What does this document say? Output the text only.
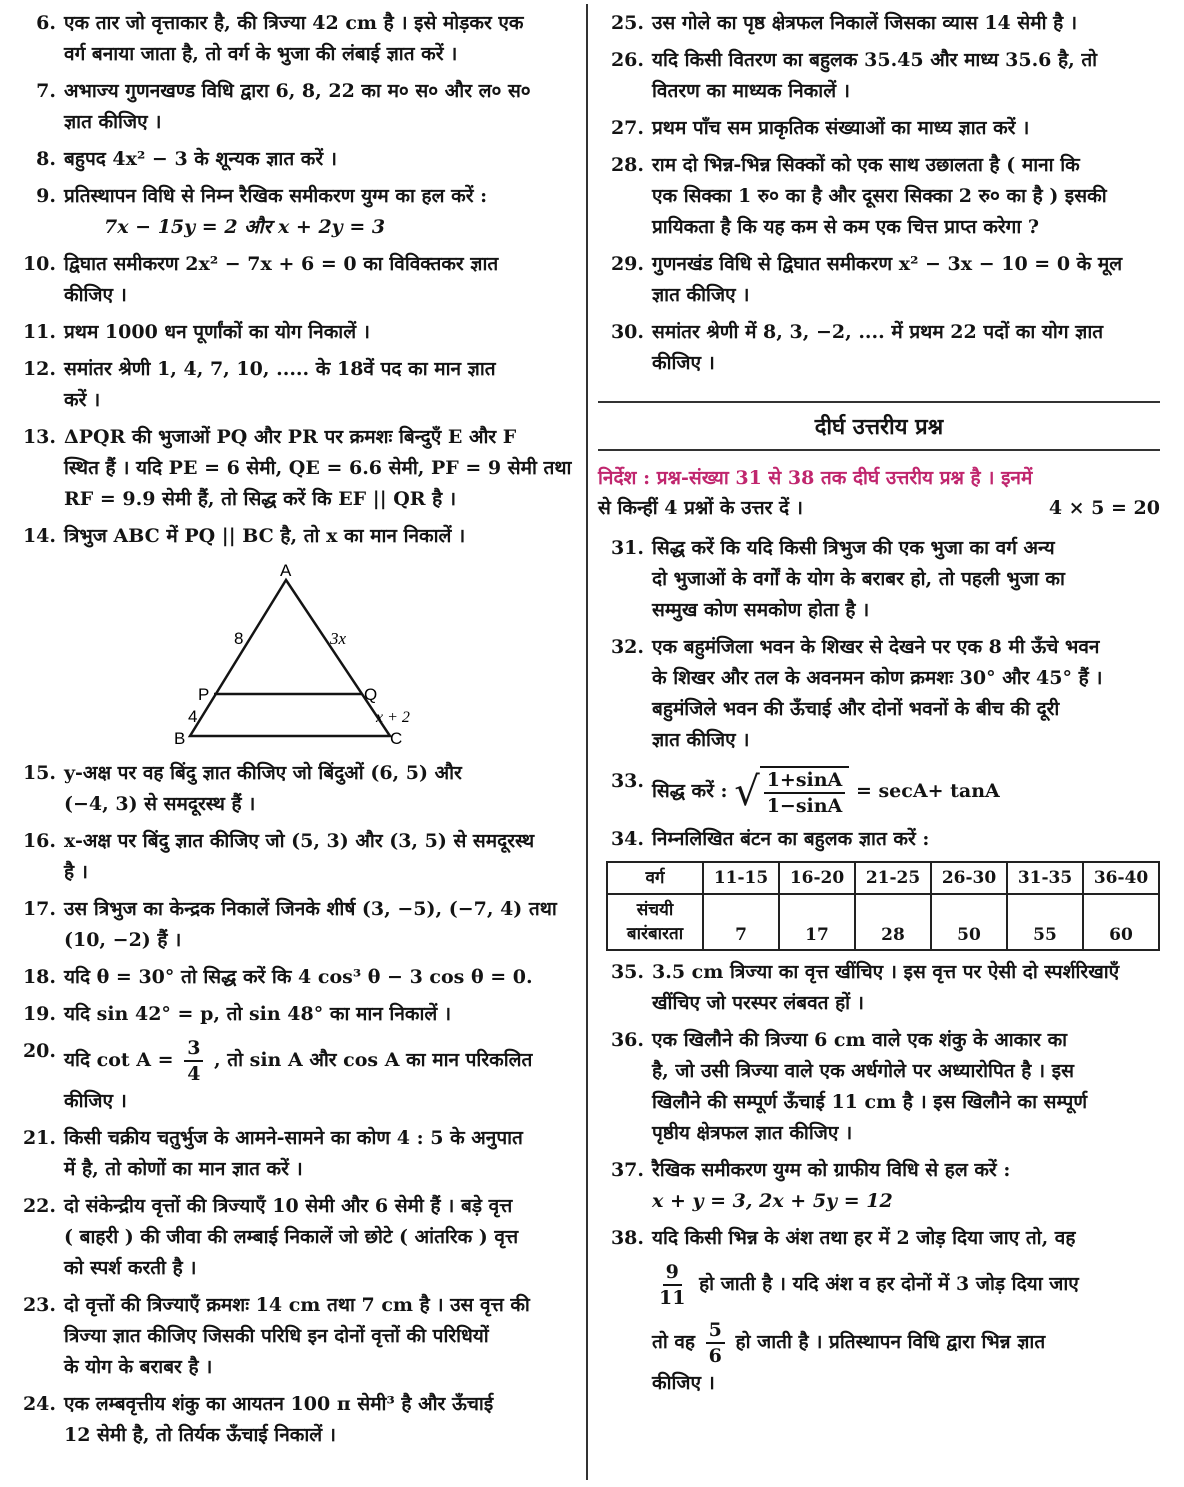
6. एक तार जो वृत्ताकार है, की त्रिज्या 42 cm है । इसे मोड़कर एक
वर्ग बनाया जाता है, तो वर्ग के भुजा की लंबाई ज्ञात करें ।
7. अभाज्य गुणनखण्ड विधि द्वारा 6, 8, 22 का म० स० और ल० स०
ज्ञात कीजिए ।
8. बहुपद 4x² − 3 के शून्यक ज्ञात करें ।
9. प्रतिस्थापन विधि से निम्न रैखिक समीकरण युग्म का हल करें :
7x − 15y = 2 और x + 2y = 3
10. द्विघात समीकरण 2x² − 7x + 6 = 0 का विविक्तकर ज्ञात
कीजिए ।
11. प्रथम 1000 धन पूर्णांकों का योग निकालें ।
12. समांतर श्रेणी 1, 4, 7, 10, ..... के 18वें पद का मान ज्ञात
करें ।
13. ΔPQR की भुजाओं PQ और PR पर क्रमशः बिन्दुएँ E और F
स्थित हैं । यदि PE = 6 सेमी, QE = 6.6 सेमी, PF = 9 सेमी तथा
RF = 9.9 सेमी हैं, तो सिद्ध करें कि EF || QR है ।
14. त्रिभुज ABC में PQ || BC है, तो x का मान निकालें ।
A
B	C
P	Q
8	3x
4	x + 2
15. y-अक्ष पर वह बिंदु ज्ञात कीजिए जो बिंदुओं (6, 5) और
(−4, 3) से समदूरस्थ हैं ।
16. x-अक्ष पर बिंदु ज्ञात कीजिए जो (5, 3) और (3, 5) से समदूरस्थ
है ।
17. उस त्रिभुज का केन्द्रक निकालें जिनके शीर्ष (3, −5), (−7, 4) तथा
(10, −2) हैं ।
18. यदि θ = 30° तो सिद्ध करें कि 4 cos³ θ − 3 cos θ = 0.
19. यदि sin 42° = p, तो sin 48° का मान निकालें ।
20. यदि $\cot A = \frac{3}{4}$ , तो sin A और cos A का मान परिकलित
कीजिए ।
21. किसी चक्रीय चतुर्भुज के आमने-सामने का कोण 4 : 5 के अनुपात
में है, तो कोणों का मान ज्ञात करें ।
22. दो संकेन्द्रीय वृत्तों की त्रिज्याएँ 10 सेमी और 6 सेमी हैं । बड़े वृत्त
( बाहरी ) की जीवा की लम्बाई निकालें जो छोटे ( आंतरिक ) वृत्त
को स्पर्श करती है ।
23. दो वृत्तों की त्रिज्याएँ क्रमशः 14 cm तथा 7 cm है । उस वृत्त की
त्रिज्या ज्ञात कीजिए जिसकी परिधि इन दोनों वृत्तों की परिधियों
के योग के बराबर है ।
24. एक लम्बवृत्तीय शंकु का आयतन 100 π सेमी³ है और ऊँचाई
12 सेमी है, तो तिर्यक ऊँचाई निकालें ।
25. उस गोले का पृष्ठ क्षेत्रफल निकालें जिसका व्यास 14 सेमी है ।
26. यदि किसी वितरण का बहुलक 35.45 और माध्य 35.6 है, तो
वितरण का माध्यक निकालें ।
27. प्रथम पाँच सम प्राकृतिक संख्याओं का माध्य ज्ञात करें ।
28. राम दो भिन्न-भिन्न सिक्कों को एक साथ उछालता है ( माना कि
एक सिक्का 1 रु० का है और दूसरा सिक्का 2 रु० का है ) इसकी
प्रायिकता है कि यह कम से कम एक चित्त प्राप्त करेगा ?
29. गुणनखंड विधि से द्विघात समीकरण x² − 3x − 10 = 0 के मूल
ज्ञात कीजिए ।
30. समांतर श्रेणी में 8, 3, −2, .... में प्रथम 22 पदों का योग ज्ञात
कीजिए ।
दीर्घ उत्तरीय प्रश्न
निर्देश : प्रश्न-संख्या 31 से 38 तक दीर्घ उत्तरीय प्रश्न है । इनमें
से किन्हीं 4 प्रश्नों के उत्तर दें ।	4 × 5 = 20
31. सिद्ध करें कि यदि किसी त्रिभुज की एक भुजा का वर्ग अन्य
दो भुजाओं के वर्गों के योग के बराबर हो, तो पहली भुजा का
सम्मुख कोण समकोण होता है ।
32. एक बहुमंजिला भवन के शिखर से देखने पर एक 8 मी ऊँचे भवन
के शिखर और तल के अवनमन कोण क्रमशः 30° और 45° हैं ।
बहुमंजिले भवन की ऊँचाई और दोनों भवनों के बीच की दूरी
ज्ञात कीजिए ।
33. सिद्ध करें : √ $\frac{1+\sin A}{1-\sin A} = \sec A+ \tan A$
34. निम्नलिखित बंटन का बहुलक ज्ञात करें :
वर्ग	11-15	16-20	21-25	26-30	31-35	36-40
संचयी
बारंबारता	7	17	28	50	55	60
35. 3.5 cm त्रिज्या का वृत्त खींचिए । इस वृत्त पर ऐसी दो स्पर्शरिखाएँ
खींचिए जो परस्पर लंबवत हों ।
36. एक खिलौने की त्रिज्या 6 cm वाले एक शंकु के आकार का
है, जो उसी त्रिज्या वाले एक अर्धगोले पर अध्यारोपित है । इस
खिलौने की सम्पूर्ण ऊँचाई 11 cm है । इस खिलौने का सम्पूर्ण
पृष्ठीय क्षेत्रफल ज्ञात कीजिए ।
37. रैखिक समीकरण युग्म को ग्राफीय विधि से हल करें :
x + y = 3, 2x + 5y = 12
38. यदि किसी भिन्न के अंश तथा हर में 2 जोड़ दिया जाए तो, वह
$\frac{9}{11}$ हो जाती है । यदि अंश व हर दोनों में 3 जोड़ दिया जाए
तो वह $\frac{5}{6}$ हो जाती है । प्रतिस्थापन विधि द्वारा भिन्न ज्ञात
कीजिए ।
